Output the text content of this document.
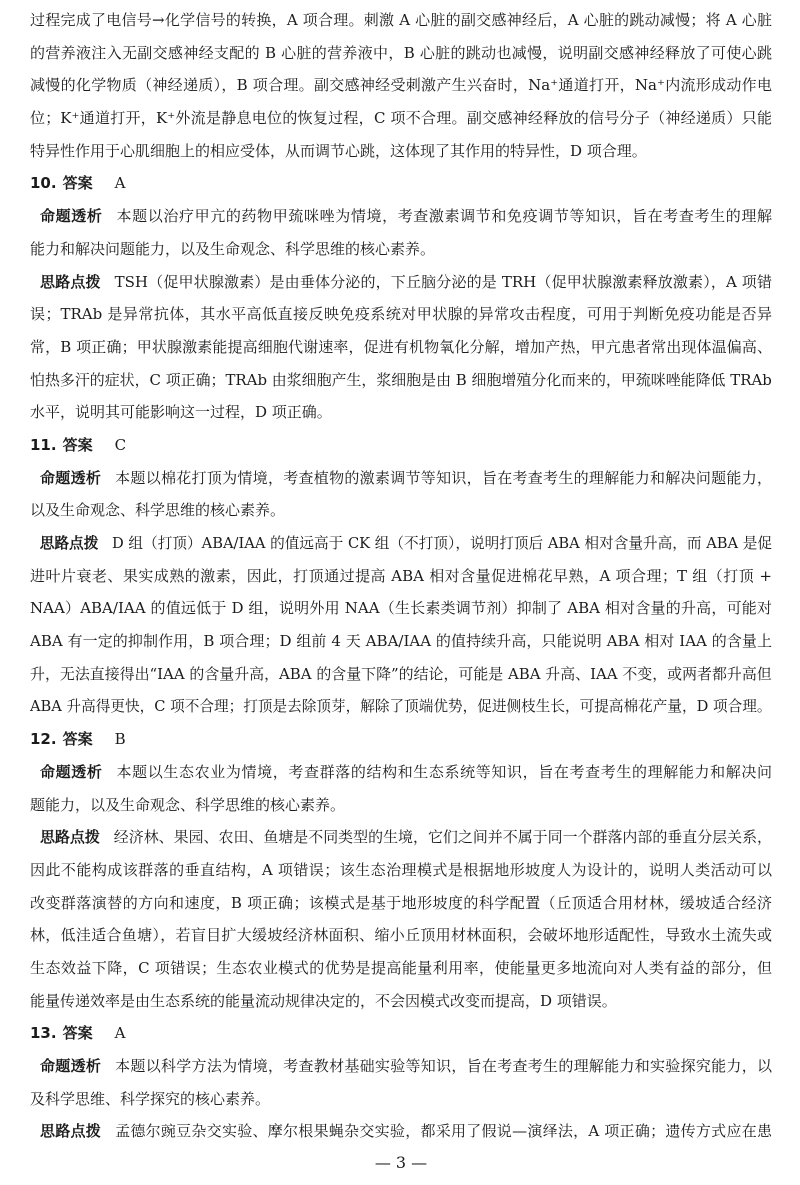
过程完成了电信号→化学信号的转换，A 项合理。刺激 A 心脏的副交感神经后，A 心脏的跳动减慢；将 A 心脏
的营养液注入无副交感神经支配的 B 心脏的营养液中，B 心脏的跳动也减慢，说明副交感神经释放了可使心跳
减慢的化学物质（神经递质），B 项合理。副交感神经受刺激产生兴奋时，Na⁺通道打开，Na⁺内流形成动作电
位；K⁺通道打开，K⁺外流是静息电位的恢复过程，C 项不合理。副交感神经释放的信号分子（神经递质）只能
特异性作用于心肌细胞上的相应受体，从而调节心跳，这体现了其作用的特异性，D 项合理。
10. 答案 A
命题透析 本题以治疗甲亢的药物甲巯咪唑为情境，考查激素调节和免疫调节等知识，旨在考查考生的理解
能力和解决问题能力，以及生命观念、科学思维的核心素养。
思路点拨 TSH（促甲状腺激素）是由垂体分泌的，下丘脑分泌的是 TRH（促甲状腺激素释放激素），A 项错
误；TRAb 是异常抗体，其水平高低直接反映免疫系统对甲状腺的异常攻击程度，可用于判断免疫功能是否异
常，B 项正确；甲状腺激素能提高细胞代谢速率，促进有机物氧化分解，增加产热，甲亢患者常出现体温偏高、
怕热多汗的症状，C 项正确；TRAb 由浆细胞产生，浆细胞是由 B 细胞增殖分化而来的，甲巯咪唑能降低 TRAb
水平，说明其可能影响这一过程，D 项正确。
11. 答案 C
命题透析 本题以棉花打顶为情境，考查植物的激素调节等知识，旨在考查考生的理解能力和解决问题能力，
以及生命观念、科学思维的核心素养。
思路点拨 D 组（打顶）ABA/IAA 的值远高于 CK 组（不打顶），说明打顶后 ABA 相对含量升高，而 ABA 是促
进叶片衰老、果实成熟的激素，因此，打顶通过提高 ABA 相对含量促进棉花早熟，A 项合理；T 组（打顶 +
NAA）ABA/IAA 的值远低于 D 组，说明外用 NAA（生长素类调节剂）抑制了 ABA 相对含量的升高，可能对
ABA 有一定的抑制作用，B 项合理；D 组前 4 天 ABA/IAA 的值持续升高，只能说明 ABA 相对 IAA 的含量上
升，无法直接得出“IAA 的含量升高，ABA 的含量下降”的结论，可能是 ABA 升高、IAA 不变，或两者都升高但
ABA 升高得更快，C 项不合理；打顶是去除顶芽，解除了顶端优势，促进侧枝生长，可提高棉花产量，D 项合理。
12. 答案 B
命题透析 本题以生态农业为情境，考查群落的结构和生态系统等知识，旨在考查考生的理解能力和解决问
题能力，以及生命观念、科学思维的核心素养。
思路点拨 经济林、果园、农田、鱼塘是不同类型的生境，它们之间并不属于同一个群落内部的垂直分层关系，
因此不能构成该群落的垂直结构，A 项错误；该生态治理模式是根据地形坡度人为设计的，说明人类活动可以
改变群落演替的方向和速度，B 项正确；该模式是基于地形坡度的科学配置（丘顶适合用材林，缓坡适合经济
林，低洼适合鱼塘），若盲目扩大缓坡经济林面积、缩小丘顶用材林面积，会破坏地形适配性，导致水土流失或
生态效益下降，C 项错误；生态农业模式的优势是提高能量利用率，使能量更多地流向对人类有益的部分，但
能量传递效率是由生态系统的能量流动规律决定的，不会因模式改变而提高，D 项错误。
13. 答案 A
命题透析 本题以科学方法为情境，考查教材基础实验等知识，旨在考查考生的理解能力和实验探究能力，以
及科学思维、科学探究的核心素养。
思路点拨 孟德尔豌豆杂交实验、摩尔根果蝇杂交实验，都采用了假说—演绎法，A 项正确；遗传方式应在患
— 3 —
